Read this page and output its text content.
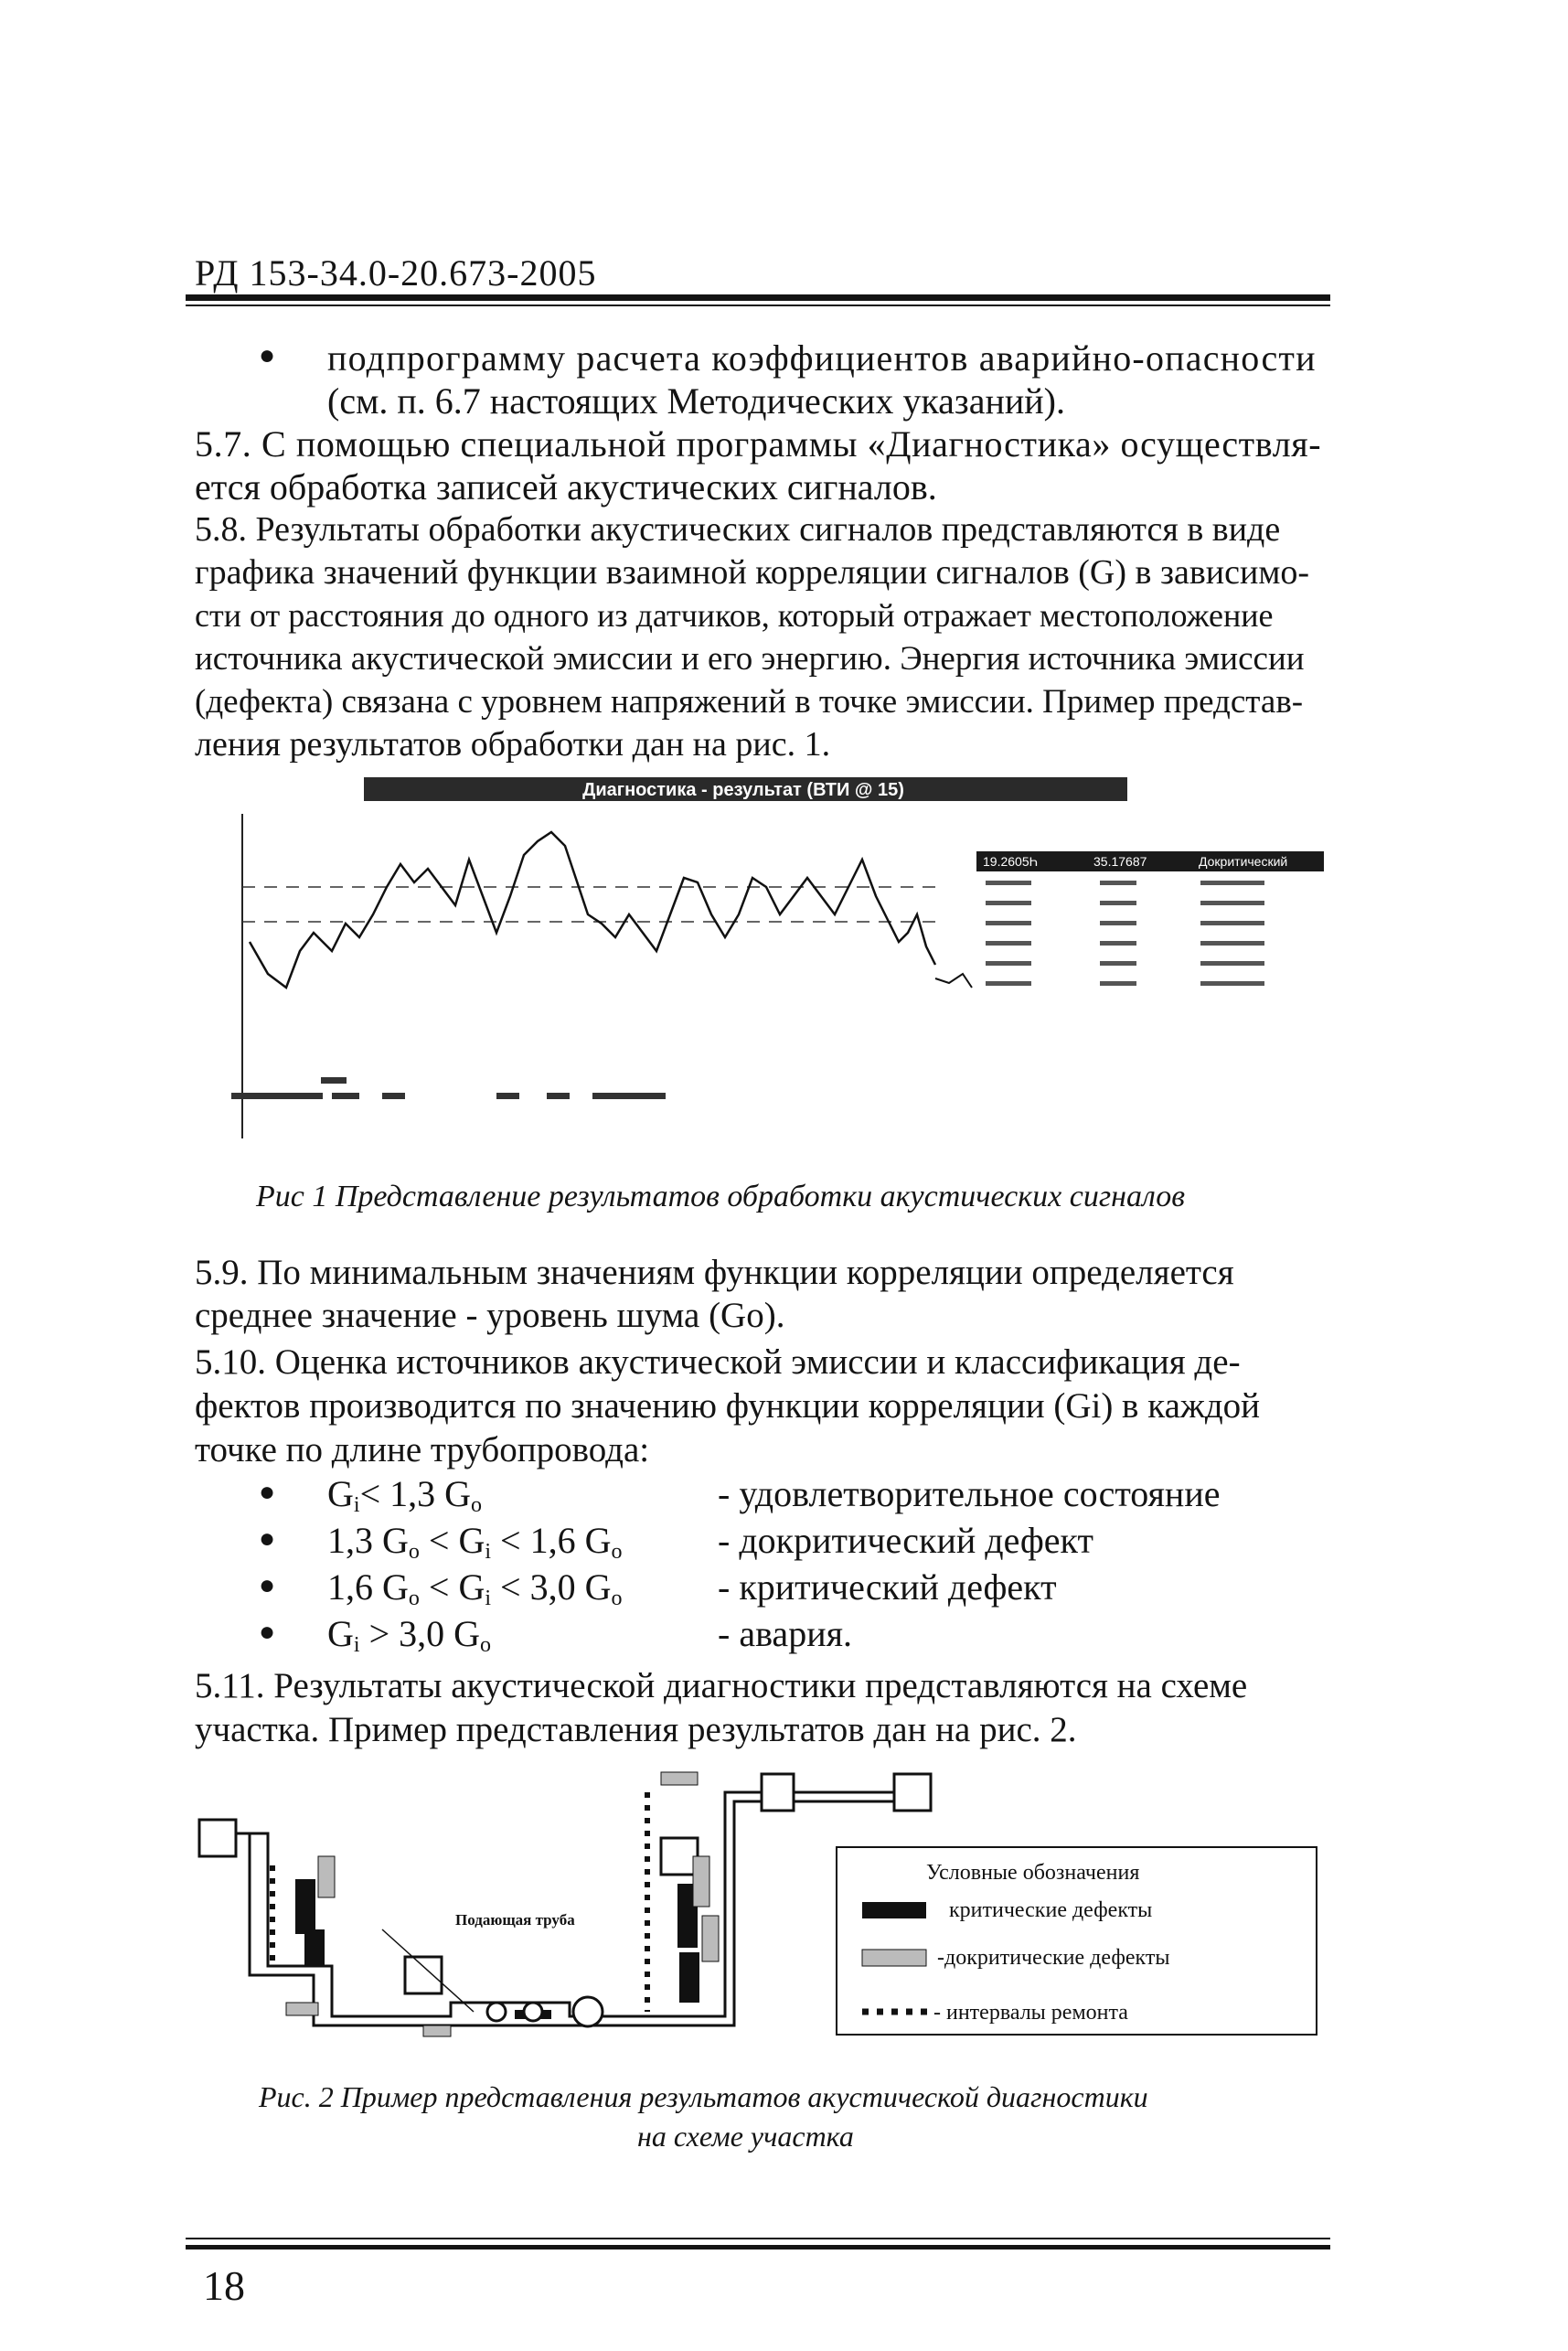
РД 153-34.0-20.673-2005
● подпрограмму расчета коэффициентов аварийно-опасности
(см. п. 6.7 настоящих Методических указаний).
5.7. С помощью специальной программы «Диагностика» осуществля-
ется обработка записей акустических сигналов.
5.8. Результаты обработки акустических сигналов представляются в виде
графика значений функции взаимной корреляции сигналов (G) в зависимо-
сти от расстояния до одного из датчиков, который отражает местоположение
источника акустической эмиссии и его энергию. Энергия источника эмиссии
(дефекта) связана с уровнем напряжений в точке эмиссии. Пример представ-
ления результатов обработки дан на рис. 1.
Диагностика - результат (ВТИ @ 15)
19.2605Һ	35.17687	Докритический
Рис 1 Представление результатов обработки акустических сигналов
5.9. По минимальным значениям функции корреляции определяется
среднее значение - уровень шума (Go).
5.10. Оценка источников акустической эмиссии и классификация де-
фектов производится по значению функции корреляции (Gi) в каждой
точке по длине трубопровода:
● $G_i< 1,3$ $G_o$	- удовлетворительное состояние
● 1,3 $G_o < G_i < 1,6$ $G_o$	- докритический дефект
● 1,6 $G_o < G_i < 3,0$ $G_o$	- критический дефект
● $G_i > 3,0$ $G_o$	- авария.
5.11. Результаты акустической диагностики представляются на схеме
участка. Пример представления результатов дан на рис. 2.
Подающая труба
Условные обозначения
критические дефекты
-докритические дефекты
- интервалы ремонта
Рис. 2 Пример представления результатов акустической диагностики
на схеме участка
18
